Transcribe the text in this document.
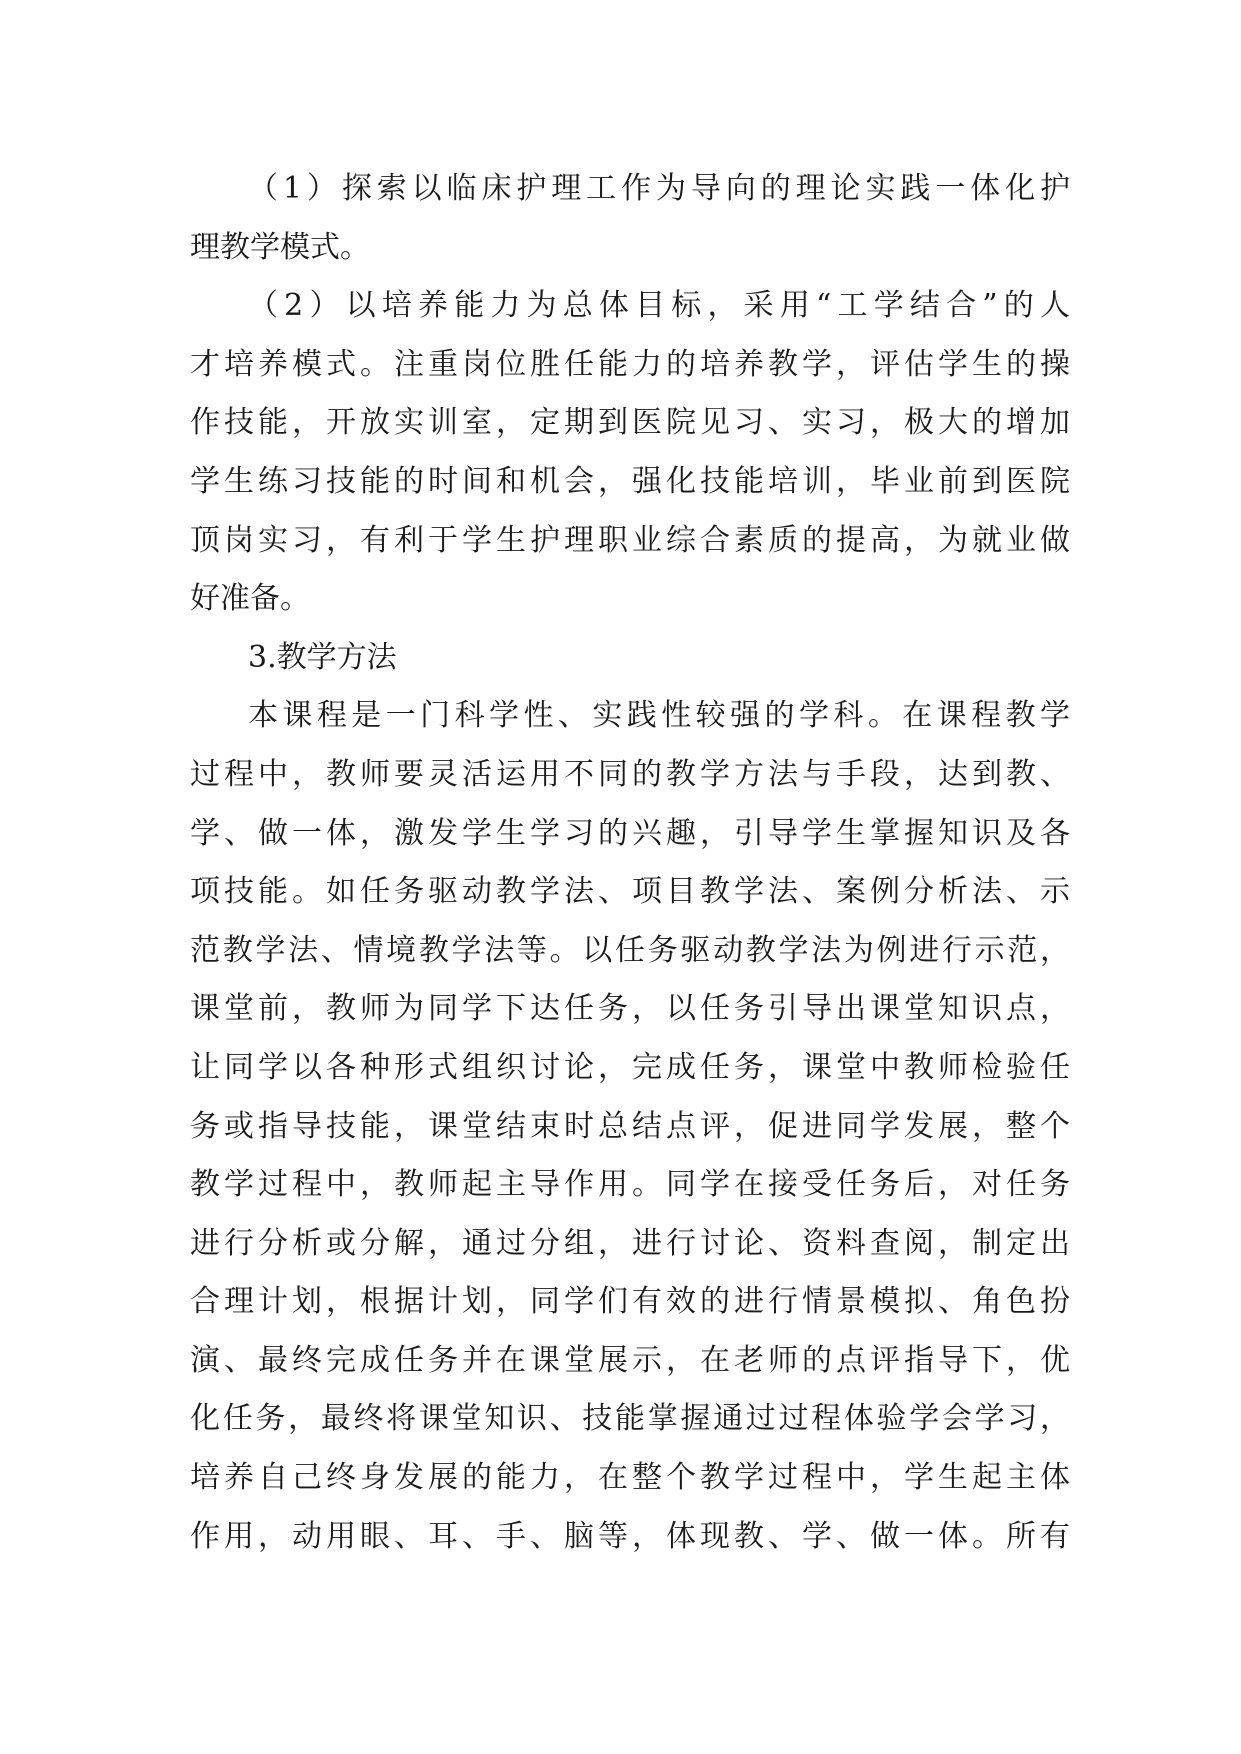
（1）探索以临床护理工作为导向的理论实践一体化护
理教学模式。
（2）以培养能力为总体目标，采用“工学结合”的人
才培养模式。注重岗位胜任能力的培养教学，评估学生的操
作技能，开放实训室，定期到医院见习、实习，极大的增加
学生练习技能的时间和机会，强化技能培训，毕业前到医院
顶岗实习，有利于学生护理职业综合素质的提高，为就业做
好准备。
3.教学方法
本课程是一门科学性、实践性较强的学科。在课程教学
过程中，教师要灵活运用不同的教学方法与手段，达到教、
学、做一体，激发学生学习的兴趣，引导学生掌握知识及各
项技能。如任务驱动教学法、项目教学法、案例分析法、示
范教学法、情境教学法等。以任务驱动教学法为例进行示范，
课堂前，教师为同学下达任务，以任务引导出课堂知识点，
让同学以各种形式组织讨论，完成任务，课堂中教师检验任
务或指导技能，课堂结束时总结点评，促进同学发展，整个
教学过程中，教师起主导作用。同学在接受任务后，对任务
进行分析或分解，通过分组，进行讨论、资料查阅，制定出
合理计划，根据计划，同学们有效的进行情景模拟、角色扮
演、最终完成任务并在课堂展示，在老师的点评指导下，优
化任务，最终将课堂知识、技能掌握通过过程体验学会学习，
培养自己终身发展的能力，在整个教学过程中，学生起主体
作用，动用眼、耳、手、脑等，体现教、学、做一体。所有
